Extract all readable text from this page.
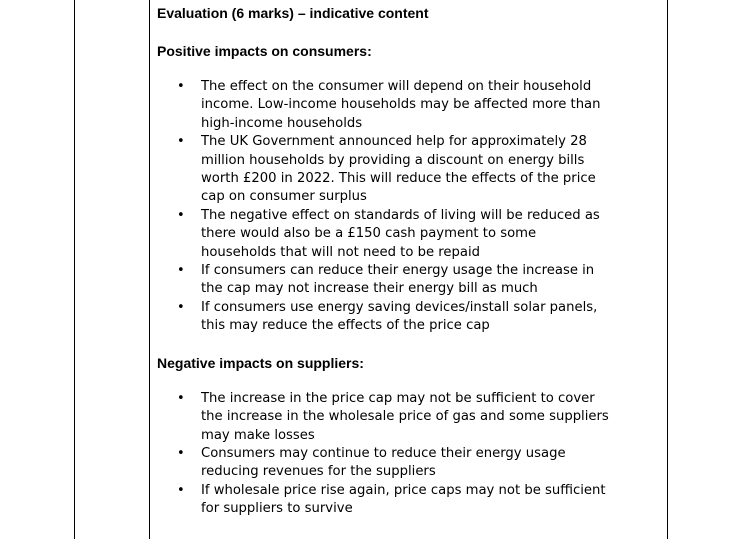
Evaluation (6 marks) – indicative content

Positive impacts on consumers:

• The effect on the consumer will depend on their household income. Low-income households may be affected more than high-income households
• The UK Government announced help for approximately 28 million households by providing a discount on energy bills worth £200 in 2022. This will reduce the effects of the price cap on consumer surplus
• The negative effect on standards of living will be reduced as there would also be a £150 cash payment to some households that will not need to be repaid
• If consumers can reduce their energy usage the increase in the cap may not increase their energy bill as much
• If consumers use energy saving devices/install solar panels, this may reduce the effects of the price cap

Negative impacts on suppliers:

• The increase in the price cap may not be sufficient to cover the increase in the wholesale price of gas and some suppliers may make losses
• Consumers may continue to reduce their energy usage reducing revenues for the suppliers
• If wholesale price rise again, price caps may not be sufficient for suppliers to survive
